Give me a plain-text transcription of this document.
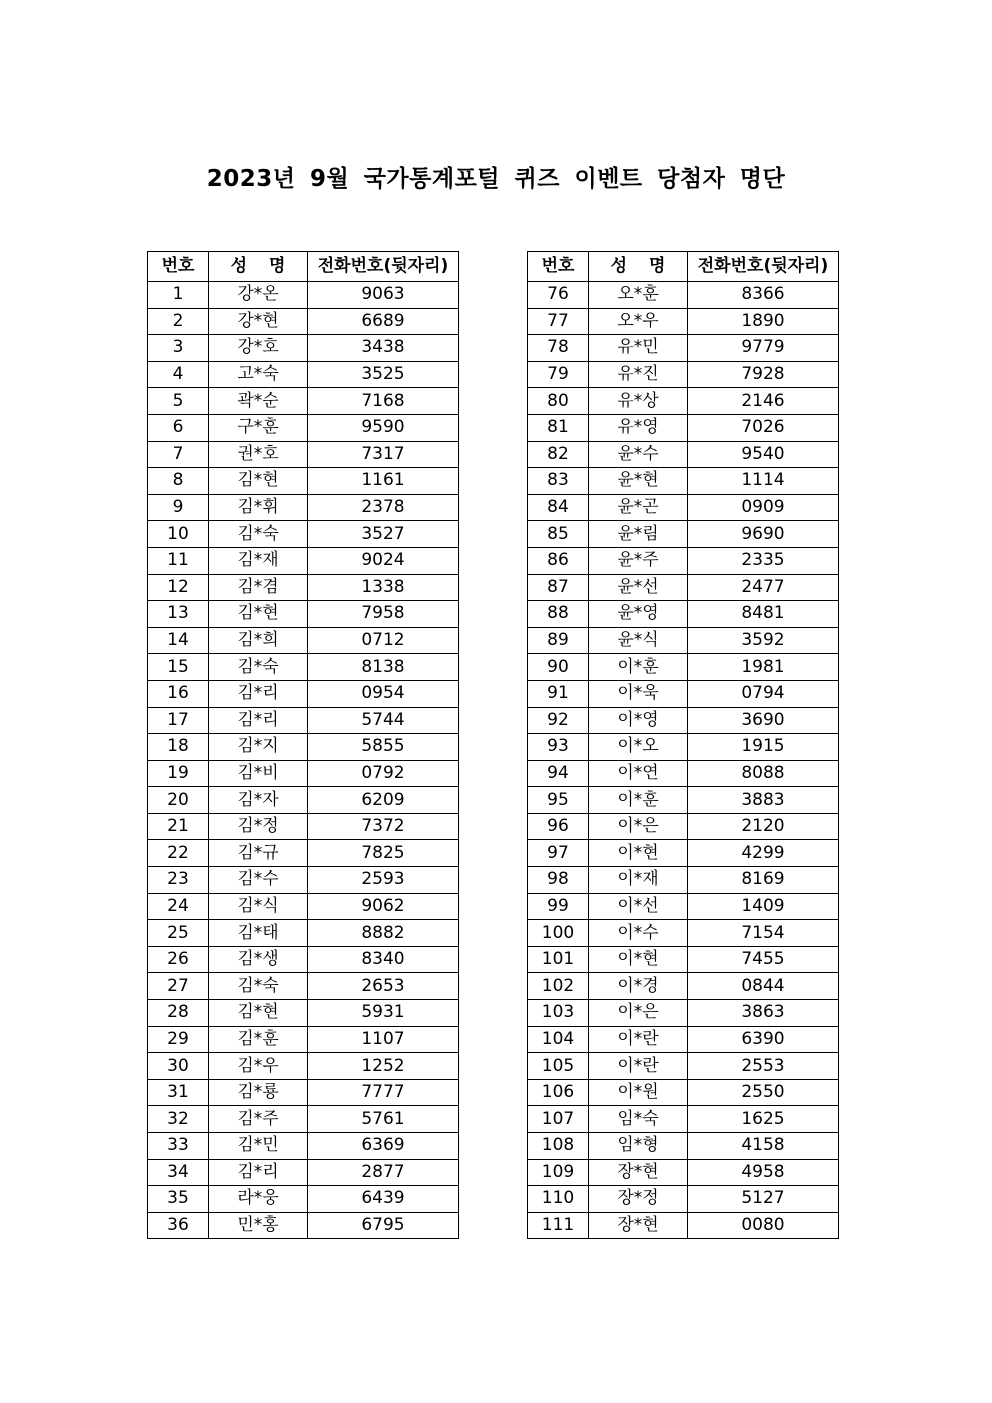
2023년 9월 국가통계포털 퀴즈 이벤트 당첨자 명단
번호	성 명	전화번호(뒷자리)
1	강*온	9063
2	강*현	6689
3	강*호	3438
4	고*숙	3525
5	곽*순	7168
6	구*훈	9590
7	권*호	7317
8	김*현	1161
9	김*휘	2378
10	김*숙	3527
11	김*재	9024
12	김*겸	1338
13	김*현	7958
14	김*희	0712
15	김*숙	8138
16	김*리	0954
17	김*리	5744
18	김*지	5855
19	김*비	0792
20	김*자	6209
21	김*정	7372
22	김*규	7825
23	김*수	2593
24	김*식	9062
25	김*태	8882
26	김*생	8340
27	김*숙	2653
28	김*현	5931
29	김*훈	1107
30	김*우	1252
31	김*룡	7777
32	김*주	5761
33	김*민	6369
34	김*리	2877
35	라*웅	6439
36	민*홍	6795
번호	성 명	전화번호(뒷자리)
76	오*훈	8366
77	오*우	1890
78	유*민	9779
79	유*진	7928
80	유*상	2146
81	유*영	7026
82	윤*수	9540
83	윤*현	1114
84	윤*곤	0909
85	윤*림	9690
86	윤*주	2335
87	윤*선	2477
88	윤*영	8481
89	윤*식	3592
90	이*훈	1981
91	이*욱	0794
92	이*영	3690
93	이*오	1915
94	이*연	8088
95	이*훈	3883
96	이*은	2120
97	이*현	4299
98	이*재	8169
99	이*선	1409
100	이*수	7154
101	이*현	7455
102	이*경	0844
103	이*은	3863
104	이*란	6390
105	이*란	2553
106	이*원	2550
107	임*숙	1625
108	임*형	4158
109	장*현	4958
110	장*정	5127
111	장*현	0080
